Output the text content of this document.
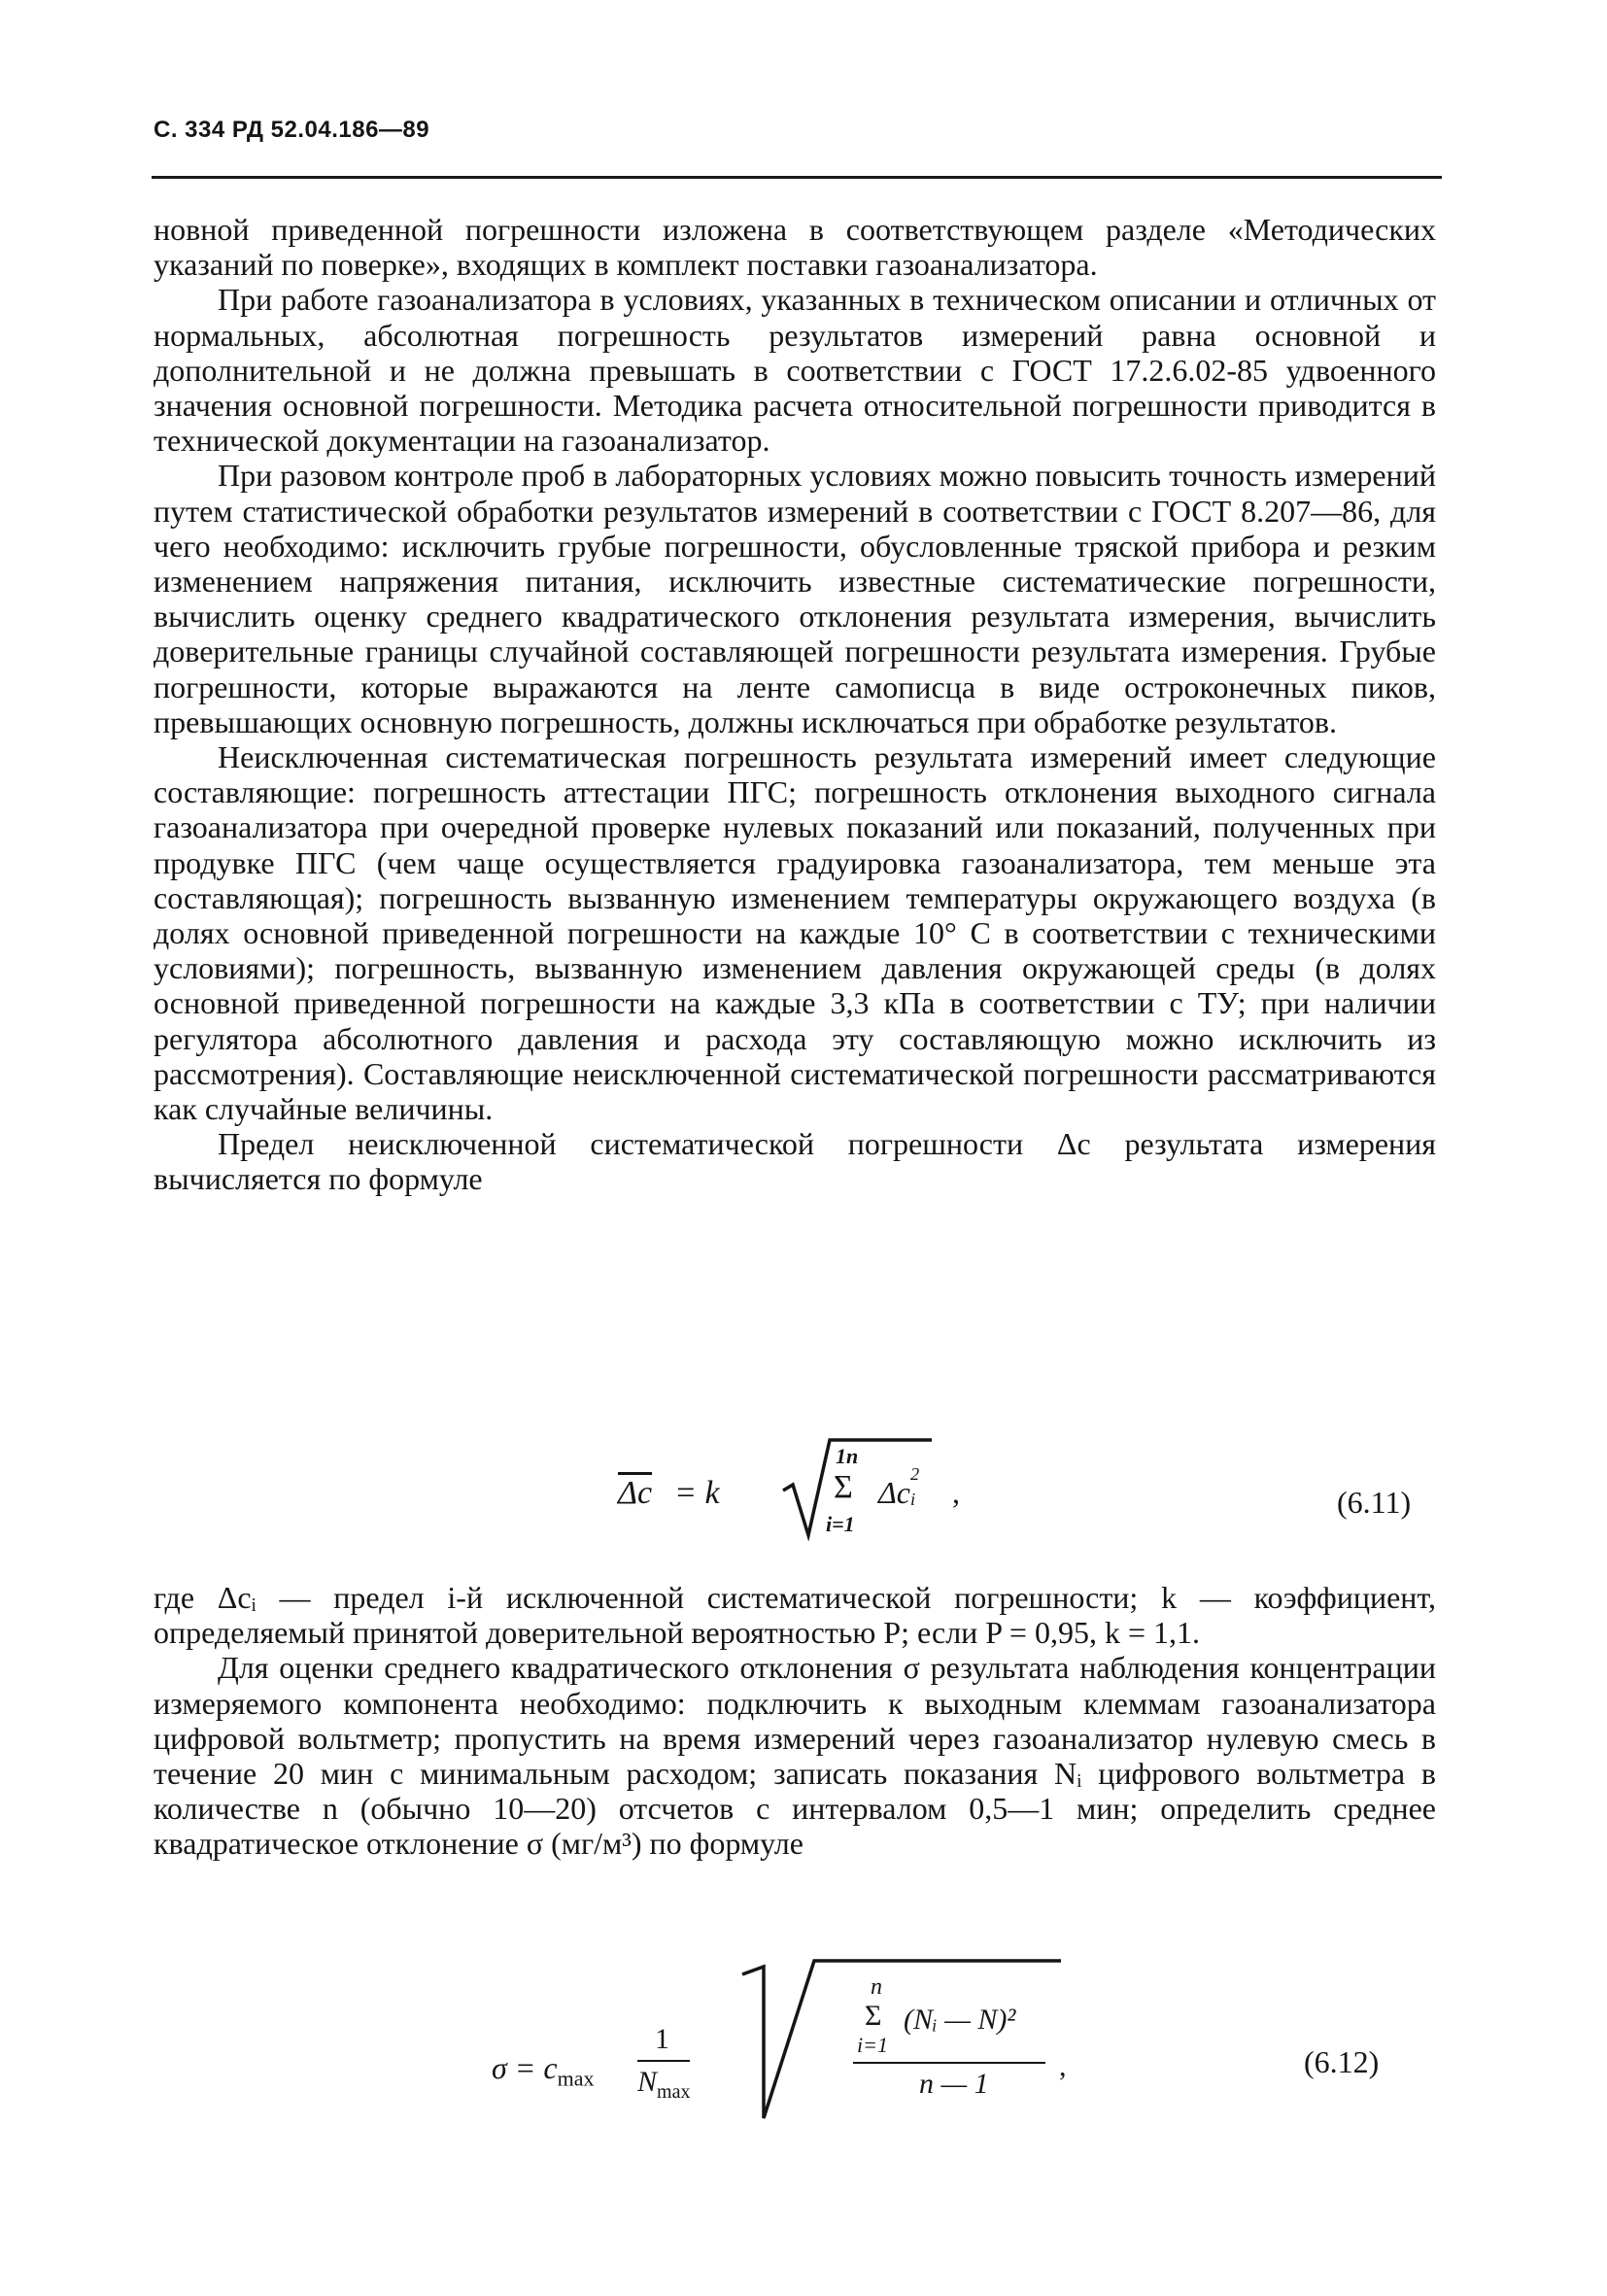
С. 334 РД 52.04.186—89

новной приведенной погрешности изложена в соответствующем разделе «Методических указаний по поверке», входящих в комплект поставки газоанализатора.

При работе газоанализатора в условиях, указанных в техническом описании и отличных от нормальных, абсолютная погрешность результатов измерений равна основной и дополнительной и не должна превышать в соответствии с ГОСТ 17.2.6.02-85 удвоенного значения основной погрешности. Методика расчета относительной погрешности приводится в технической документации на газоанализатор.

При разовом контроле проб в лабораторных условиях можно повысить точность измерений путем статистической обработки результатов измерений в соответствии с ГОСТ 8.207—86, для чего необходимо: исключить грубые погрешности, обусловленные тряской прибора и резким изменением напряжения питания, исключить известные систематические погрешности, вычислить оценку среднего квадратического отклонения результата измерения, вычислить доверительные границы случайной составляющей погрешности результата измерения. Грубые погрешности, которые выражаются на ленте самописца в виде остроконечных пиков, превышающих основную погрешность, должны исключаться при обработке результатов.

Неисключенная систематическая погрешность результата измерений имеет следующие составляющие: погрешность аттестации ПГС; погрешность отклонения выходного сигнала газоанализатора при очередной проверке нулевых показаний или показаний, полученных при продувке ПГС (чем чаще осуществляется градуировка газоанализатора, тем меньше эта составляющая); погрешность вызванную изменением температуры окружающего воздуха (в долях основной приведенной погрешности на каждые 10° С в соответствии с техническими условиями); погрешность, вызванную изменением давления окружающей среды (в долях основной приведенной погрешности на каждые 3,3 кПа в соответствии с ТУ; при наличии регулятора абсолютного давления и расхода эту составляющую можно исключить из рассмотрения). Составляющие неисключенной систематической погрешности рассматриваются как случайные величины.

Предел неисключенной систематической погрешности Δc результата измерения вычисляется по формуле

$\overline{\Delta c} = k$
1n
Σ
i=1
Δc
2
i ,	(6.11)

где Δcᵢ — предел i-й исключенной систематической погрешности; k — коэффициент, определяемый принятой доверительной вероятностью P; если P = 0,95, k = 1,1.

Для оценки среднего квадратического отклонения σ результата наблюдения концентрации измеряемого компонента необходимо: подключить к выходным клеммам газоанализатора цифровой вольтметр; пропустить на время измерений через газоанализатор нулевую смесь в течение 20 мин с минимальным расходом; записать показания Nᵢ цифрового вольтметра в количестве n (обычно 10—20) отсчетов с интервалом 0,5—1 мин; определить среднее квадратическое отклонение σ (мг/м³) по формуле

$\sigma = c_{max}$
1
$N_{max}$
n
Σ
i=1
(Nᵢ — N)²
n — 1
,	(6.12)
